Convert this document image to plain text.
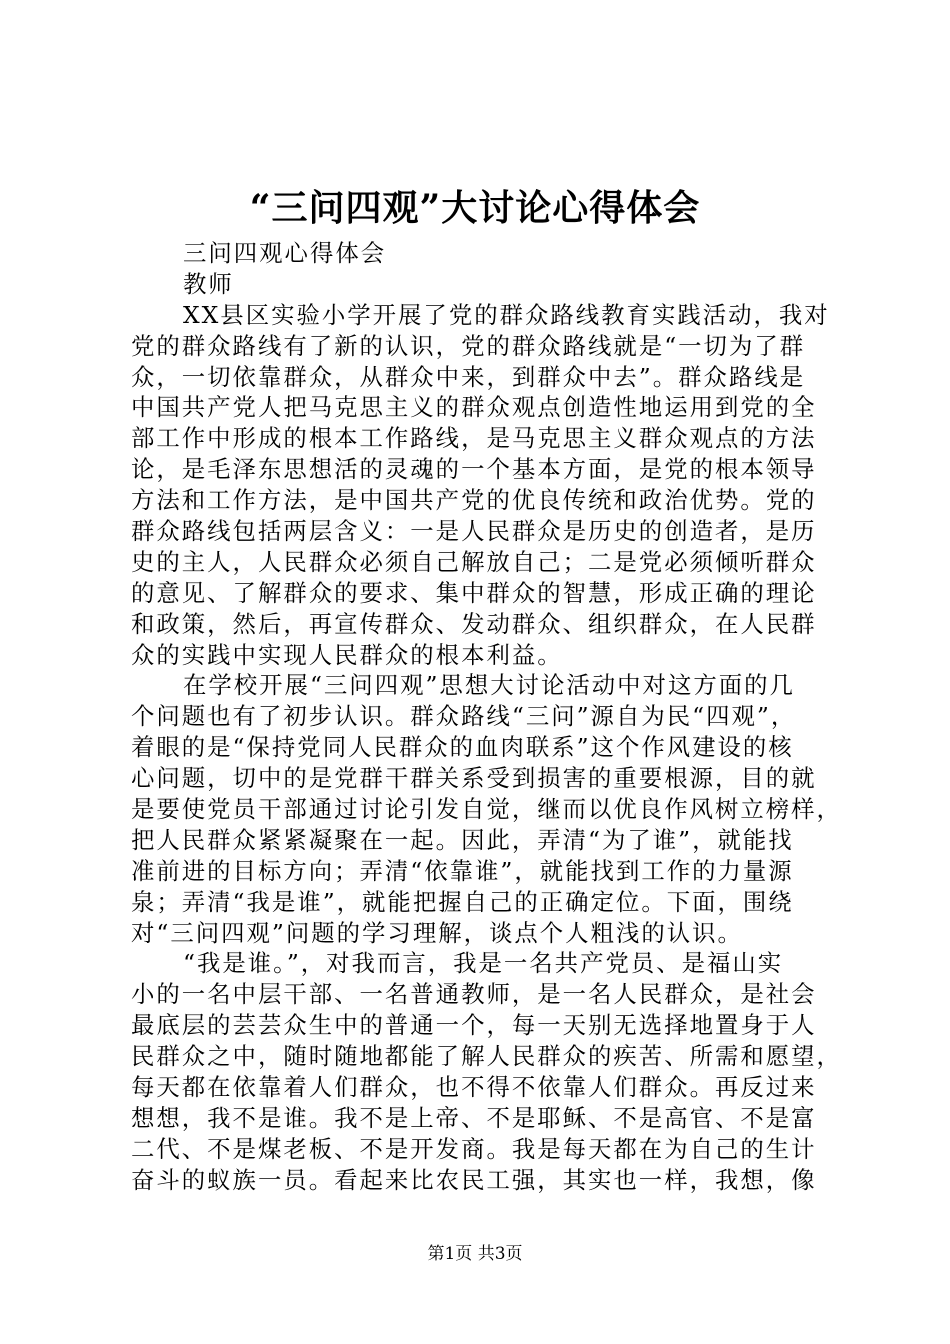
“三问四观”大讨论心得体会
三问四观心得体会
教师
XX县区实验小学开展了党的群众路线教育实践活动，我对
党的群众路线有了新的认识，党的群众路线就是“一切为了群
众，一切依靠群众，从群众中来，到群众中去”。群众路线是
中国共产党人把马克思主义的群众观点创造性地运用到党的全
部工作中形成的根本工作路线，是马克思主义群众观点的方法
论，是毛泽东思想活的灵魂的一个基本方面，是党的根本领导
方法和工作方法，是中国共产党的优良传统和政治优势。党的
群众路线包括两层含义：一是人民群众是历史的创造者，是历
史的主人，人民群众必须自己解放自己；二是党必须倾听群众
的意见、了解群众的要求、集中群众的智慧，形成正确的理论
和政策，然后，再宣传群众、发动群众、组织群众，在人民群
众的实践中实现人民群众的根本利益。
在学校开展“三问四观”思想大讨论活动中对这方面的几
个问题也有了初步认识。群众路线“三问”源自为民“四观”，
着眼的是“保持党同人民群众的血肉联系”这个作风建设的核
心问题，切中的是党群干群关系受到损害的重要根源，目的就
是要使党员干部通过讨论引发自觉，继而以优良作风树立榜样，
把人民群众紧紧凝聚在一起。因此，弄清“为了谁”，就能找
准前进的目标方向；弄清“依靠谁”，就能找到工作的力量源
泉；弄清“我是谁”，就能把握自己的正确定位。下面，围绕
对“三问四观”问题的学习理解，谈点个人粗浅的认识。
“我是谁。”，对我而言，我是一名共产党员、是福山实
小的一名中层干部、一名普通教师，是一名人民群众，是社会
最底层的芸芸众生中的普通一个，每一天别无选择地置身于人
民群众之中，随时随地都能了解人民群众的疾苦、所需和愿望，
每天都在依靠着人们群众，也不得不依靠人们群众。再反过来
想想，我不是谁。我不是上帝、不是耶稣、不是高官、不是富
二代、不是煤老板、不是开发商。我是每天都在为自己的生计
奋斗的蚁族一员。看起来比农民工强，其实也一样，我想，像
第1页 共3页
